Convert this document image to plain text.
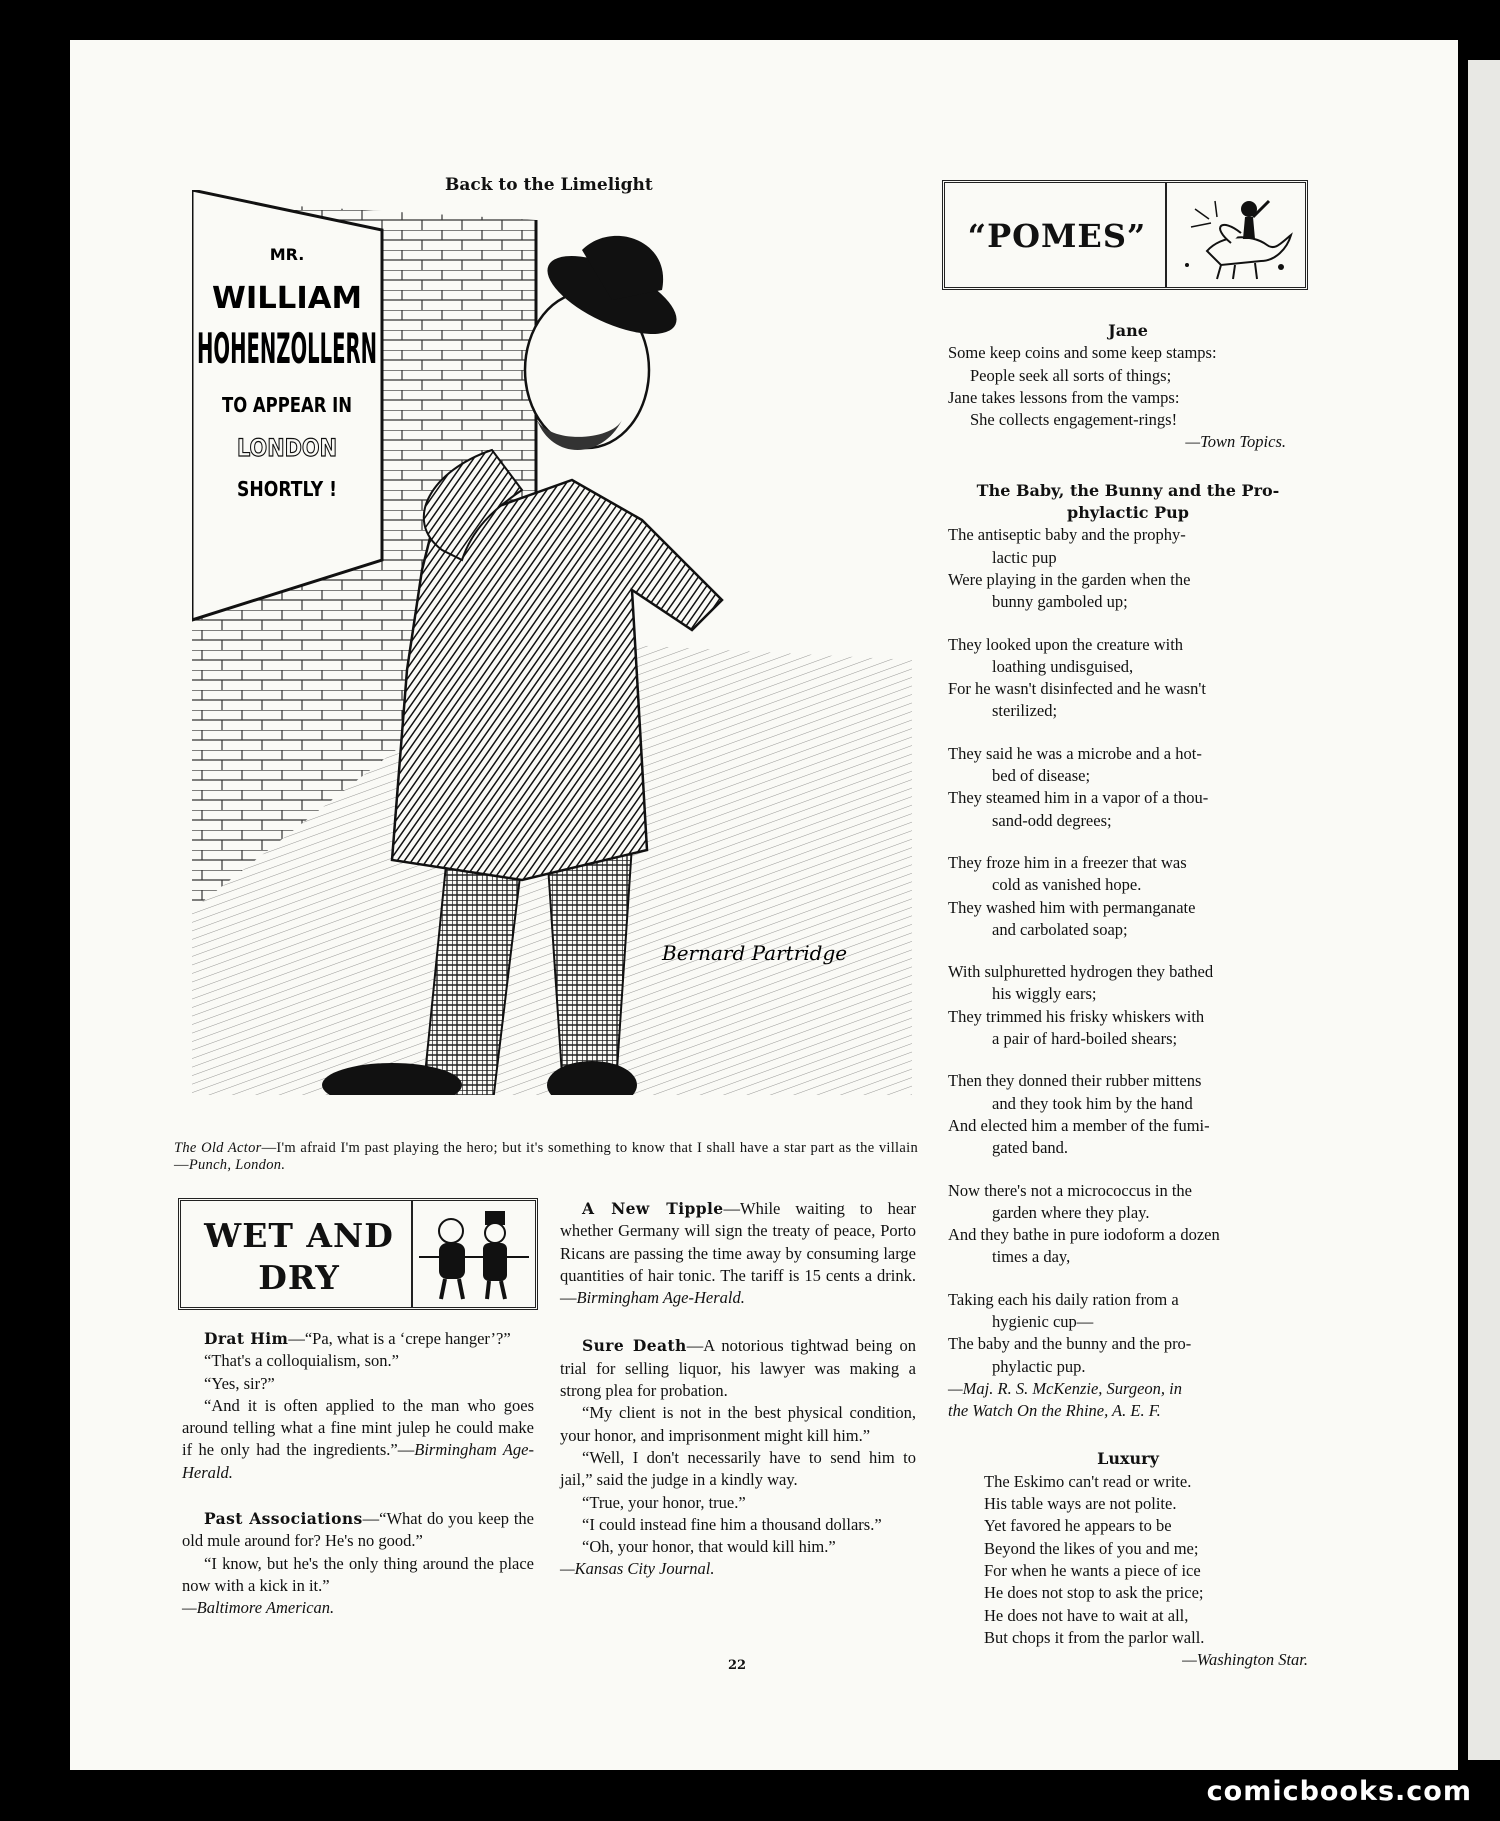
Back to the Limelight
MR.
WILLIAM
HOHENZOLLERN
TO APPEAR IN
LONDON
SHORTLY !
Bernard Partridge
The Old Actor—I'm afraid I'm past playing the hero; but it's something to know that I shall have a star part as the villain—Punch, London.
WET AND DRY

Drat Him—“Pa, what is a ‘crepe hanger’?”

“That's a colloquialism, son.”

“Yes, sir?”

“And it is often applied to the man who goes around telling what a fine mint julep he could make if he only had the ingredients.”—Birmingham Age-Herald.

Past Associations—“What do you keep the old mule around for? He's no good.”

“I know, but he's the only thing around the place now with a kick in it.”

—Baltimore American.

A New Tipple—While waiting to hear whether Germany will sign the treaty of peace, Porto Ricans are passing the time away by consuming large quantities of hair tonic. The tariff is 15 cents a drink.—Birmingham Age-Herald.

Sure Death—A notorious tightwad being on trial for selling liquor, his lawyer was making a strong plea for probation.

“My client is not in the best physical condition, your honor, and imprisonment might kill him.”

“Well, I don't necessarily have to send him to jail,” said the judge in a kindly way.

“True, your honor, true.”

“I could instead fine him a thousand dollars.”

“Oh, your honor, that would kill him.”

—Kansas City Journal.

“POMES”
Jane

Some keep coins and some keep stamps:

People seek all sorts of things;

Jane takes lessons from the vamps:

She collects engagement-rings!

—Town Topics.

The Baby, the Bunny and the Pro-
phylactic Pup

The antiseptic baby and the prophy-

lactic pup

Were playing in the garden when the

bunny gamboled up;

They looked upon the creature with

loathing undisguised,

For he wasn't disinfected and he wasn't

sterilized;

They said he was a microbe and a hot-

bed of disease;

They steamed him in a vapor of a thou-

sand-odd degrees;

They froze him in a freezer that was

cold as vanished hope.

They washed him with permanganate

and carbolated soap;

With sulphuretted hydrogen they bathed

his wiggly ears;

They trimmed his frisky whiskers with

a pair of hard-boiled shears;

Then they donned their rubber mittens

and they took him by the hand

And elected him a member of the fumi-

gated band.

Now there's not a micrococcus in the

garden where they play.

And they bathe in pure iodoform a dozen

times a day,

Taking each his daily ration from a

hygienic cup—

The baby and the bunny and the pro-

phylactic pup.

—Maj. R. S. McKenzie, Surgeon, in

the Watch On the Rhine, A. E. F.

Luxury

The Eskimo can't read or write.

His table ways are not polite.

Yet favored he appears to be

Beyond the likes of you and me;

For when he wants a piece of ice

He does not stop to ask the price;

He does not have to wait at all,

But chops it from the parlor wall.

—Washington Star.

22
comicbooks.com
